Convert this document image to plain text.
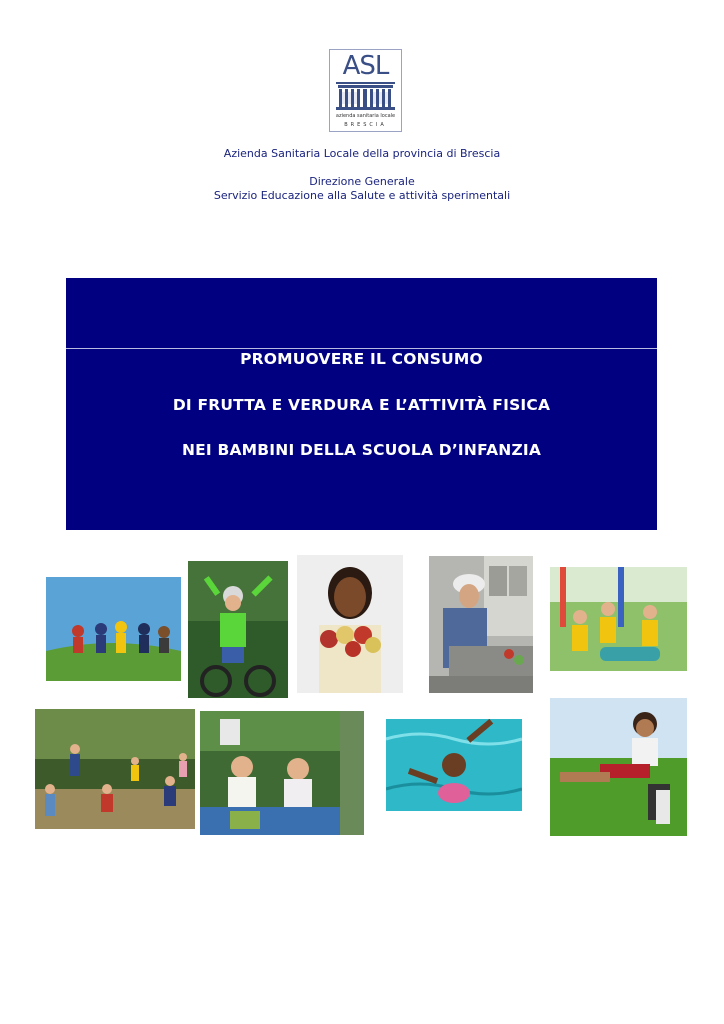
ASL
azienda sanitaria locale
BRESCIA
Azienda Sanitaria Locale della provincia di Brescia
Direzione Generale
Servizio Educazione alla Salute e attività sperimentali
PROMUOVERE IL CONSUMO
DI FRUTTA E VERDURA E L’ATTIVITÀ FISICA
NEI BAMBINI DELLA SCUOLA D’INFANZIA
